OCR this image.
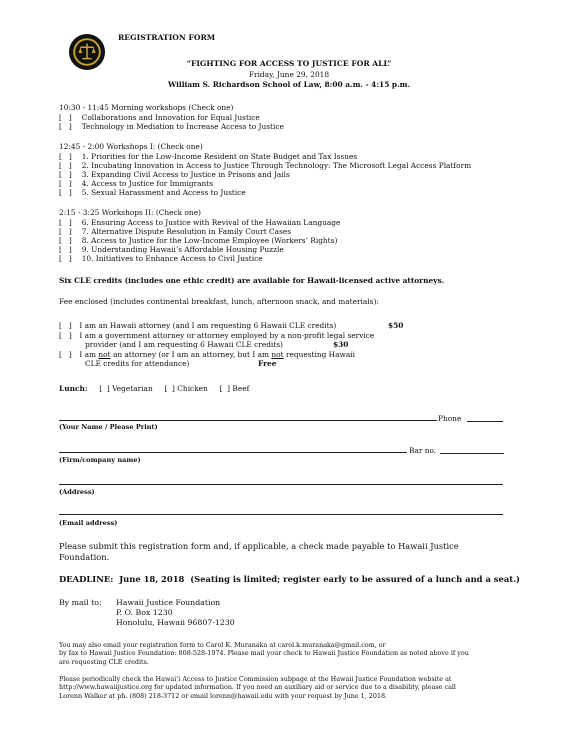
REGISTRATION FORM
“FIGHTING FOR ACCESS TO JUSTICE FOR ALL”
Friday, June 29, 2018
William S. Richardson School of Law, 8:00 a.m. - 4:15 p.m.
10:30 - 11:45 Morning workshops (Check one)
[   ] Collaborations and Innovation for Equal Justice
[   ] Technology in Mediation to Increase Access to Justice
12:45 - 2:00 Workshops I: (Check one)
[   ] 1. Priorities for the Low-Income Resident on State Budget and Tax Issues
[   ] 2. Incubating Innovation in Access to Justice Through Technology: The Microsoft Legal Access Platform
[   ] 3. Expanding Civil Access to Justice in Prisons and Jails
[   ] 4. Access to Justice for Immigrants
[   ] 5. Sexual Harassment and Access to Justice
2:15 - 3:25 Workshops II: (Check one)
[   ] 6. Ensuring Access to Justice with Revival of the Hawaiian Language
[   ] 7. Alternative Dispute Resolution in Family Court Cases
[   ] 8. Access to Justice for the Low-Income Employee (Workers’ Rights)
[   ] 9. Understanding Hawaii’s Affordable Housing Puzzle
[   ] 10. Initiatives to Enhance Access to Civil Justice
Six CLE credits (includes one ethic credit) are available for Hawaii-licensed active attorneys.
Fee enclosed (includes continental breakfast, lunch, afternoon snack, and materials):
[   ] I am an Hawaii attorney (and I am requesting 6 Hawaii CLE credits)	$50
[   ] I am a government attorney or attorney employed by a non-profit legal service
provider (and I am requesting 6 Hawaii CLE credits)	$30
[   ] I am not an attorney (or I am an attorney, but I am not requesting Hawaii
CLE credits for attendance)	Free
Lunch: [  ] Vegetarian [  ] Chicken [  ] Beef
Phone
(Your Name / Please Print)
Bar no.
(Firm/company name)
(Address)
(Email address)
Please submit this registration form and, if applicable, a check made payable to Hawaii Justice Foundation.
DEADLINE: June 18, 2018 (Seating is limited; register early to be assured of a lunch and a seat.)
By mail to: Hawaii Justice Foundation
P. O. Box 1230
Honolulu, Hawaii 96807-1230
You may also email your registration form to Carol K. Muranaka at carol.k.muranaka@gmail.com, or
by fax to Hawaii Justice Foundation: 808-528-1974. Please mail your check to Hawaii Justice Foundation as noted above if you
are requesting CLE credits.
Please periodically check the Hawai‘i Access to Justice Commission subpage at the Hawaii Justice Foundation website at
http://www.hawaiijustice.org for updated information. If you need an auxiliary aid or service due to a disability, please call
Lorenn Walker at ph. (808) 218-3712 or email lorenn@hawaii.edu with your request by June 1, 2018.
